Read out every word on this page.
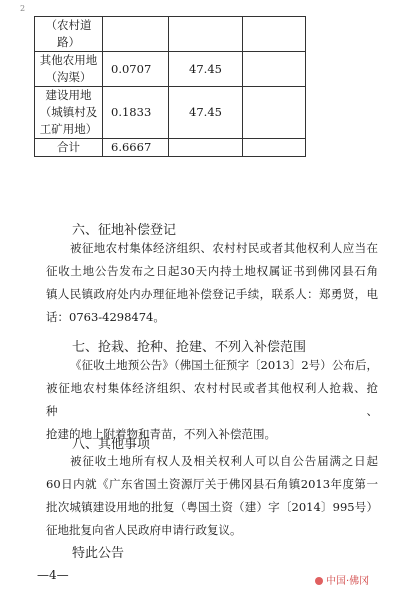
2
（农村道
路）			

其他农用地
（沟渠）	0.0707	47.45	

建设用地
（城镇村及
工矿用地）	0.1833	47.45	

合计	6.6667		
六、征地补偿登记

被征地农村集体经济组织、农村村民或者其他权利人应当在

征收土地公告发布之日起30天内持土地权属证书到佛冈县石角

镇人民镇政府处内办理征地补偿登记手续，联系人：郑勇贤，电

话：0763-4298474。

七、抢栽、抢种、抢建、不列入补偿范围

《征收土地预公告》（佛国土征预字〔2013〕2号）公布后，

被征地农村集体经济组织、农村村民或者其他权利人抢栽、抢种、

抢建的地上附着物和青苗，不列入补偿范围。

八、其他事项

被征收土地所有权人及相关权利人可以自公告届满之日起

60日内就《广东省国土资源厅关于佛冈县石角镇2013年度第一

批次城镇建设用地的批复（粤国土资（建）字〔2014〕995号）

征地批复向省人民政府申请行政复议。

特此公告
—4—	中国·佛冈
